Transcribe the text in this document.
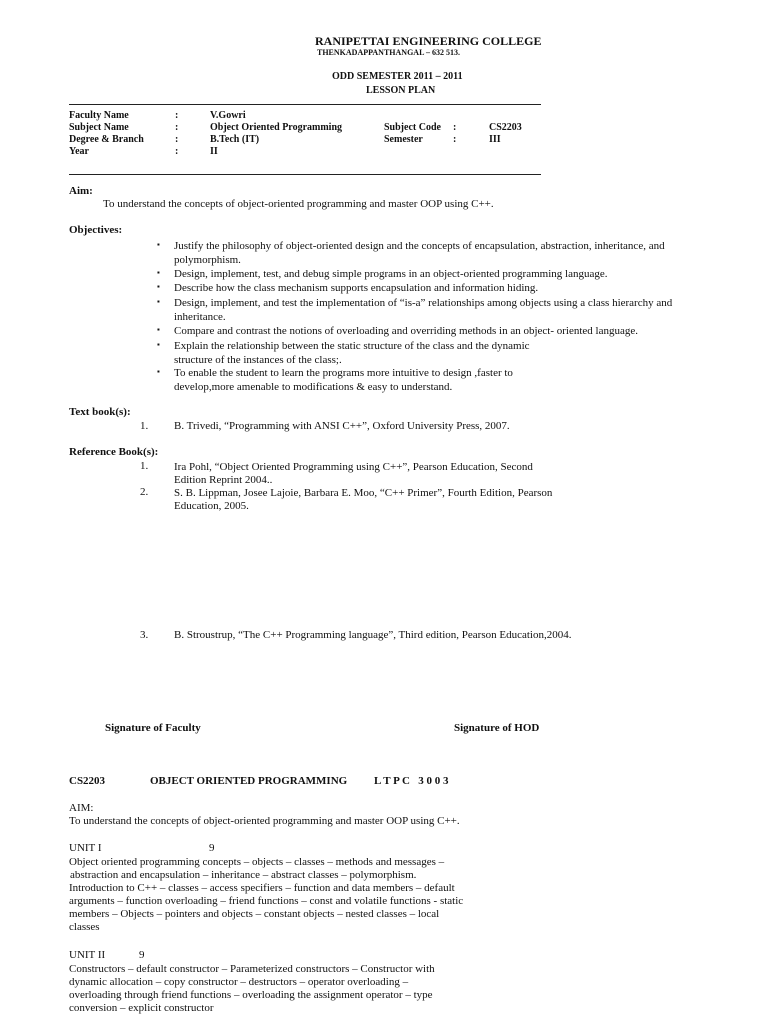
RANIPETTAI ENGINEERING COLLEGE
THENKADAPPANTHANGAL – 632 513.
ODD SEMESTER 2011 – 2011
LESSON PLAN
Faculty Name	:	V.Gowri
Subject Name	:	Object Oriented Programming	Subject Code :	CS2203
Degree & Branch	:	B.Tech (IT)	Semester	:	III
Year	:	II
Aim:
To understand the concepts of object-oriented programming and master OOP using C++.
Objectives:
▪ Justify the philosophy of object-oriented design and the concepts of encapsulation, abstraction, inheritance, and
polymorphism.
▪ Design, implement, test, and debug simple programs in an object-oriented programming language.
▪ Describe how the class mechanism supports encapsulation and information hiding.
▪ Design, implement, and test the implementation of “is-a” relationships among objects using a class hierarchy and
inheritance.
▪ Compare and contrast the notions of overloading and overriding methods in an object- oriented language.
▪ Explain the relationship between the static structure of the class and the dynamic
structure of the instances of the class;.
▪ To enable the student to learn the programs more intuitive to design ,faster to
develop,more amenable to modifications & easy to understand.
Text book(s):
1. B. Trivedi, “Programming with ANSI C++”, Oxford University Press, 2007.
Reference Book(s):
1. Ira Pohl, “Object Oriented Programming using C++”, Pearson Education, Second
Edition Reprint 2004..
2. S. B. Lippman, Josee Lajoie, Barbara E. Moo, “C++ Primer”, Fourth Edition, Pearson
Education, 2005.
3. B. Stroustrup, “The C++ Programming language”, Third edition, Pearson Education,2004.
Signature of Faculty	Signature of HOD
CS2203	OBJECT ORIENTED PROGRAMMING L T P C   3 0 0 3
AIM:
To understand the concepts of object-oriented programming and master OOP using C++.
UNIT I	9
Object oriented programming concepts – objects – classes – methods and messages –
abstraction and encapsulation – inheritance – abstract classes – polymorphism.
Introduction to C++ – classes – access specifiers – function and data members – default
arguments – function overloading – friend functions – const and volatile functions - static
members – Objects – pointers and objects – constant objects – nested classes – local
classes
UNIT II	9
Constructors – default constructor – Parameterized constructors – Constructor with
dynamic allocation – copy constructor – destructors – operator overloading –
overloading through friend functions – overloading the assignment operator – type
conversion – explicit constructor
